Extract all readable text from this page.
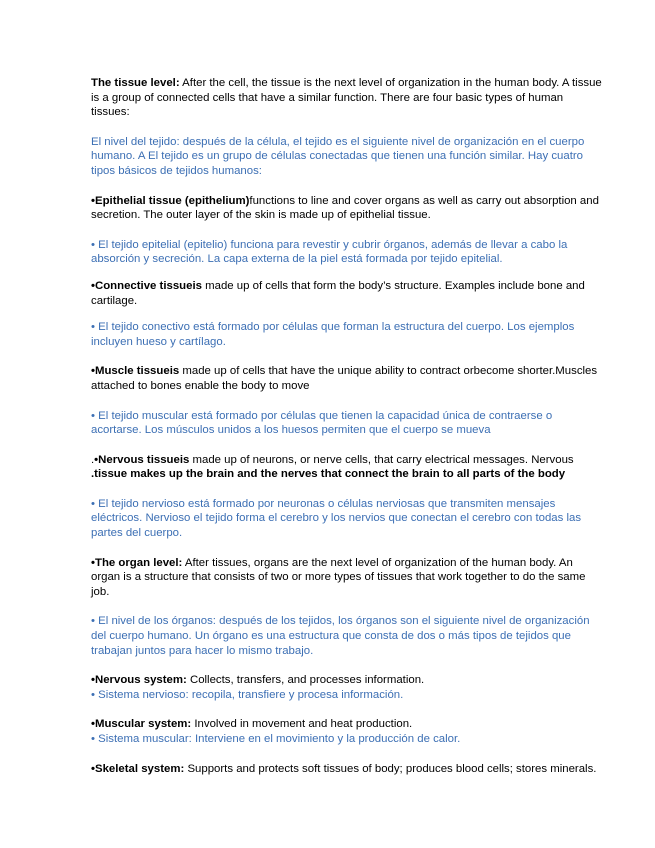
The tissue level: After the cell, the tissue is the next level of organization in the human body. A tissue is a group of connected cells that have a similar function. There are four basic types of human tissues:

El nivel del tejido: después de la célula, el tejido es el siguiente nivel de organización en el cuerpo humano. A El tejido es un grupo de células conectadas que tienen una función similar. Hay cuatro tipos básicos de tejidos humanos:

•Epithelial tissue (epithelium)functions to line and cover organs as well as carry out absorption and secretion. The outer layer of the skin is made up of epithelial tissue.

• El tejido epitelial (epitelio) funciona para revestir y cubrir órganos, además de llevar a cabo la absorción y secreción. La capa externa de la piel está formada por tejido epitelial.

•Connective tissueis made up of cells that form the body’s structure. Examples include bone and cartilage.

• El tejido conectivo está formado por células que forman la estructura del cuerpo. Los ejemplos incluyen hueso y cartílago.

•Muscle tissueis made up of cells that have the unique ability to contract orbecome shorter.Muscles attached to bones enable the body to move

• El tejido muscular está formado por células que tienen la capacidad única de contraerse o acortarse. Los músculos unidos a los huesos permiten que el cuerpo se mueva

.•Nervous tissueis made up of neurons, or nerve cells, that carry electrical messages. Nervous .tissue makes up the brain and the nerves that connect the brain to all parts of the body

• El tejido nervioso está formado por neuronas o células nerviosas que transmiten mensajes eléctricos. Nervioso el tejido forma el cerebro y los nervios que conectan el cerebro con todas las partes del cuerpo.

•The organ level: After tissues, organs are the next level of organization of the human body. An organ is a structure that consists of two or more types of tissues that work together to do the same job.

• El nivel de los órganos: después de los tejidos, los órganos son el siguiente nivel de organización del cuerpo humano. Un órgano es una estructura que consta de dos o más tipos de tejidos que trabajan juntos para hacer lo mismo trabajo.

•Nervous system: Collects, transfers, and processes information.

• Sistema nervioso: recopila, transfiere y procesa información.

•Muscular system: Involved in movement and heat production.

• Sistema muscular: Interviene en el movimiento y la producción de calor.

•Skeletal system: Supports and protects soft tissues of body; produces blood cells; stores minerals.
